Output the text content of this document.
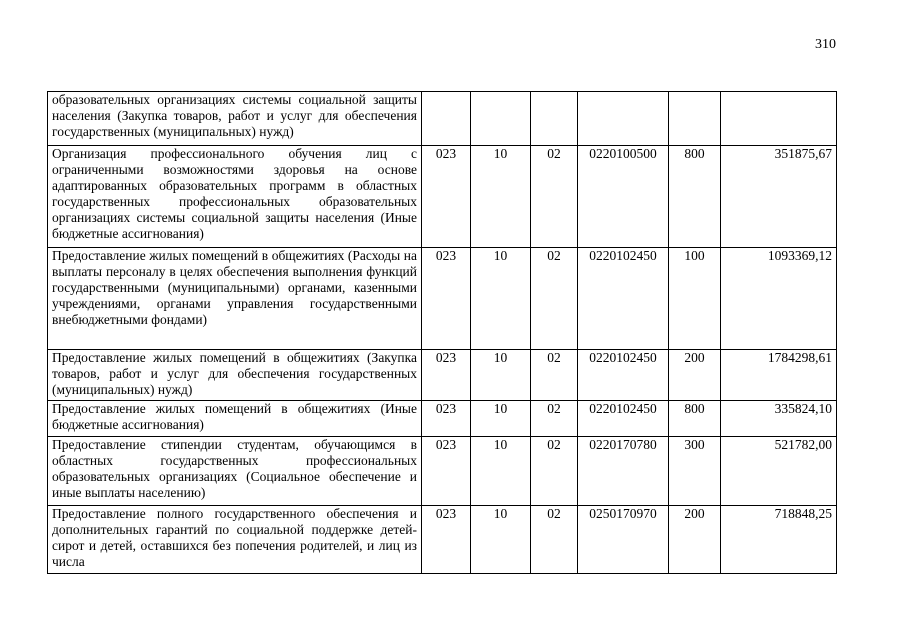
310
образовательных организациях системы социальной защиты населения (Закупка товаров, работ и услуг для обеспечения государственных (муниципальных) нужд)						
Организация профессионального обучения лиц с ограниченными возможностями здоровья на основе адаптированных образовательных программ в областных государственных профессиональных образовательных организациях системы социальной защиты населения (Иные бюджетные ассигнования)	023	10	02	0220100500	800	351875,67
Предоставление жилых помещений в общежитиях (Расходы на выплаты персоналу в целях обеспечения выполнения функций государственными (муниципальными) органами, казенными учреждениями, органами управления государственными внебюджетными фондами)	023	10	02	0220102450	100	1093369,12
Предоставление жилых помещений в общежитиях (Закупка товаров, работ и услуг для обеспечения государственных (муниципальных) нужд)	023	10	02	0220102450	200	1784298,61
Предоставление жилых помещений в общежитиях (Иные бюджетные ассигнования)	023	10	02	0220102450	800	335824,10
Предоставление стипендии студентам, обучающимся в областных государственных профессиональных образовательных организациях (Социальное обеспечение и иные выплаты населению)	023	10	02	0220170780	300	521782,00
Предоставление полного государственного обеспечения и дополнительных гарантий по социальной поддержке детей-сирот и детей, оставшихся без попечения родителей, и лиц из числа	023	10	02	0250170970	200	718848,25
